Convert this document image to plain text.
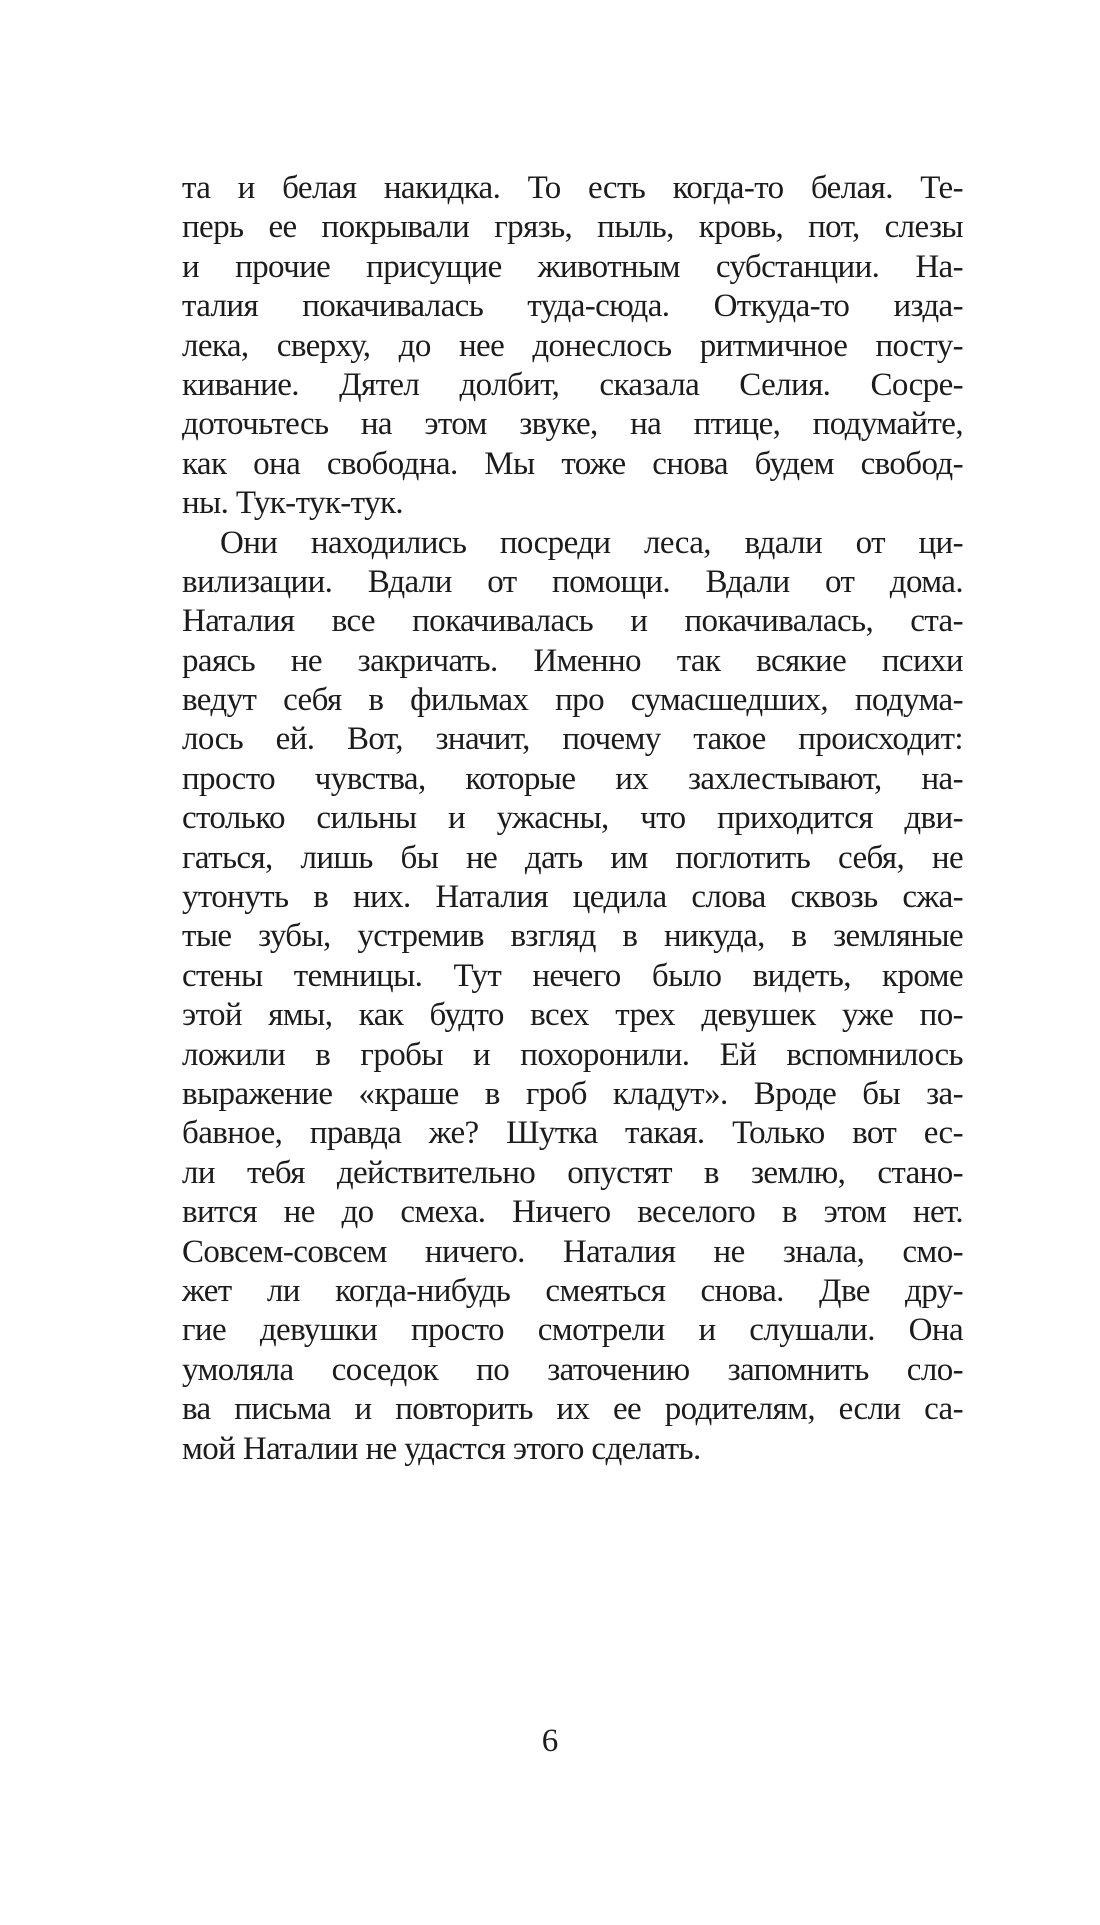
та и белая накидка. То есть когда-то белая. Те-
перь ее покрывали грязь, пыль, кровь, пот, слезы
и прочие присущие животным субстанции. На-
талия покачивалась туда-сюда. Откуда-то изда-
лека, сверху, до нее донеслось ритмичное посту-
кивание. Дятел долбит, сказала Селия. Сосре-
доточьтесь на этом звуке, на птице, подумайте,
как она свободна. Мы тоже снова будем свобод-
ны. Тук-тук-тук.
Они находились посреди леса, вдали от ци-
вилизации. Вдали от помощи. Вдали от дома.
Наталия все покачивалась и покачивалась, ста-
раясь не закричать. Именно так всякие психи
ведут себя в фильмах про сумасшедших, подума-
лось ей. Вот, значит, почему такое происходит:
просто чувства, которые их захлестывают, на-
столько сильны и ужасны, что приходится дви-
гаться, лишь бы не дать им поглотить себя, не
утонуть в них. Наталия цедила слова сквозь сжа-
тые зубы, устремив взгляд в никуда, в земляные
стены темницы. Тут нечего было видеть, кроме
этой ямы, как будто всех трех девушек уже по-
ложили в гробы и похоронили. Ей вспомнилось
выражение «краше в гроб кладут». Вроде бы за-
бавное, правда же? Шутка такая. Только вот ес-
ли тебя действительно опустят в землю, стано-
вится не до смеха. Ничего веселого в этом нет.
Совсем-совсем ничего. Наталия не знала, смо-
жет ли когда-нибудь смеяться снова. Две дру-
гие девушки просто смотрели и слушали. Она
умоляла соседок по заточению запомнить сло-
ва письма и повторить их ее родителям, если са-
мой Наталии не удастся этого сделать.
6
